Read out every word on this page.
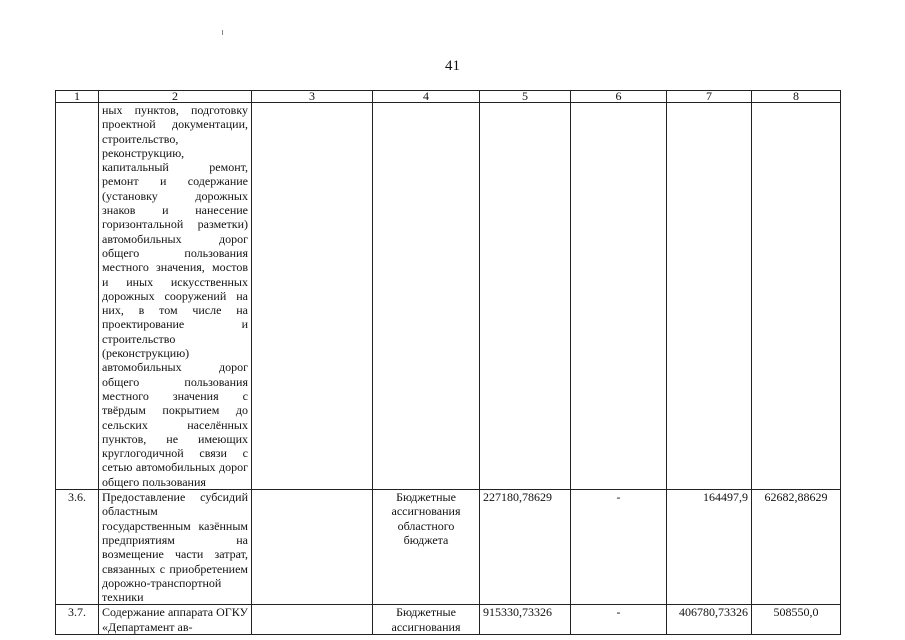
41
1	2	3	4	5	6	7	8
	ных пунктов, подготовку проектной документации, строительство, реконструкцию, капитальный ремонт, ремонт и содержание (установку дорожных знаков и нанесение горизонтальной разметки) автомобильных дорог общего пользования местного значения, мостов и иных искусственных дорожных сооружений на них, в том числе на проектирование и строительство (реконструкцию) автомобильных дорог общего пользования местного значения с твёрдым покрытием до сельских населённых пунктов, не имеющих круглогодичной связи с сетью автомобильных дорог общего пользования						
3.6.	Предоставление субсидий областным государственным казённым предприятиям на возмещение части затрат, связанных с приобретением дорожно-транспортной техники		Бюджетные ассигнования областного бюджета	227180,78629	-	164497,9	62682,88629
3.7.	Содержание аппарата ОГКУ «Департамент ав-		Бюджетные ассигнования	915330,73326	-	406780,73326	508550,0
